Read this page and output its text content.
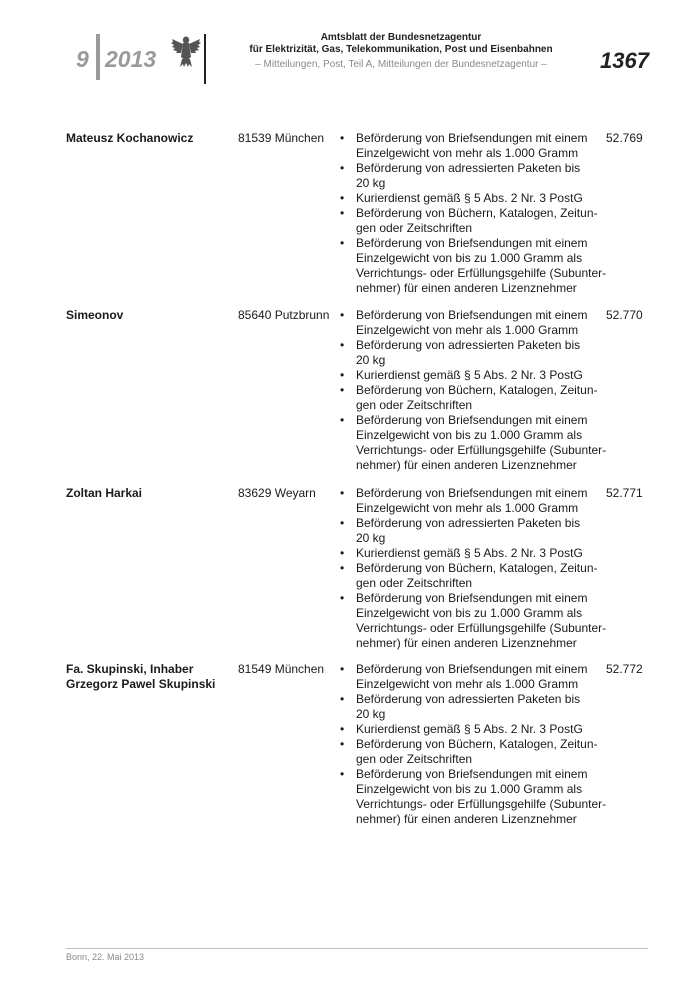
9 2013
Amtsblatt der Bundesnetzagentur
für Elektrizität, Gas, Telekommunikation, Post und Eisenbahnen
– Mitteilungen, Post, Teil A, Mitteilungen der Bundesnetzagentur –	1367
Mateusz Kochanowicz	81539 München	• Beförderung von Briefsendungen mit einem
Einzelgewicht von mehr als 1.000 Gramm
• Beförderung von adressierten Paketen bis
20 kg
• Kurierdienst gemäß § 5 Abs. 2 Nr. 3 PostG
• Beförderung von Büchern, Katalogen, Zeitun-
gen oder Zeitschriften
• Beförderung von Briefsendungen mit einem
Einzelgewicht von bis zu 1.000 Gramm als
Verrichtungs- oder Erfüllungsgehilfe (Subunter-
nehmer) für einen anderen Lizenznehmer
52.769
Simeonov	85640 Putzbrunn • Beförderung von Briefsendungen mit einem
Einzelgewicht von mehr als 1.000 Gramm
• Beförderung von adressierten Paketen bis
20 kg
• Kurierdienst gemäß § 5 Abs. 2 Nr. 3 PostG
• Beförderung von Büchern, Katalogen, Zeitun-
gen oder Zeitschriften
• Beförderung von Briefsendungen mit einem
Einzelgewicht von bis zu 1.000 Gramm als
Verrichtungs- oder Erfüllungsgehilfe (Subunter-
nehmer) für einen anderen Lizenznehmer
52.770
Zoltan Harkai	83629 Weyarn	• Beförderung von Briefsendungen mit einem
Einzelgewicht von mehr als 1.000 Gramm
• Beförderung von adressierten Paketen bis
20 kg
• Kurierdienst gemäß § 5 Abs. 2 Nr. 3 PostG
• Beförderung von Büchern, Katalogen, Zeitun-
gen oder Zeitschriften
• Beförderung von Briefsendungen mit einem
Einzelgewicht von bis zu 1.000 Gramm als
Verrichtungs- oder Erfüllungsgehilfe (Subunter-
nehmer) für einen anderen Lizenznehmer
52.771
Fa. Skupinski, Inhaber
Grzegorz Pawel Skupinski
81549 München	• Beförderung von Briefsendungen mit einem
Einzelgewicht von mehr als 1.000 Gramm
• Beförderung von adressierten Paketen bis
20 kg
• Kurierdienst gemäß § 5 Abs. 2 Nr. 3 PostG
• Beförderung von Büchern, Katalogen, Zeitun-
gen oder Zeitschriften
• Beförderung von Briefsendungen mit einem
Einzelgewicht von bis zu 1.000 Gramm als
Verrichtungs- oder Erfüllungsgehilfe (Subunter-
nehmer) für einen anderen Lizenznehmer
52.772
Bonn, 22. Mai 2013
